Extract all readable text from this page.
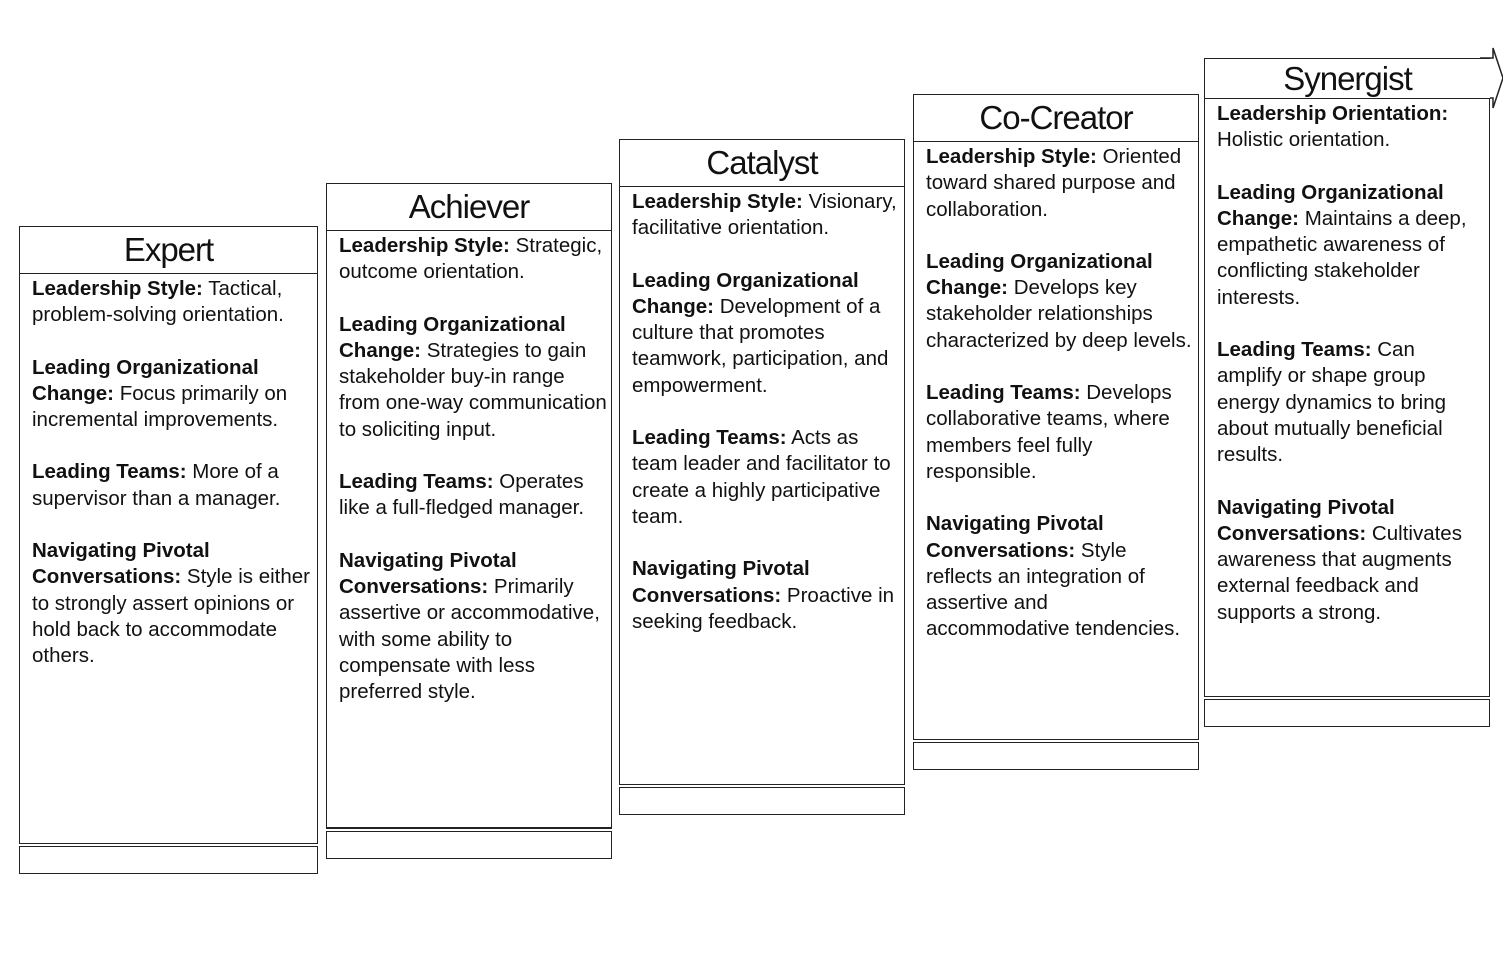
Expert
Leadership Style: Tactical, problem-solving orientation.
Leading Organizational Change: Focus primarily on incremental improvements.
Leading Teams: More of a supervisor than a manager.
Navigating Pivotal Conversations: Style is either to strongly assert opinions or hold back to accommodate others.
Achiever
Leadership Style: Strategic, outcome orientation.
Leading Organizational Change: Strategies to gain stakeholder buy-in range from one-way communication to soliciting input.
Leading Teams: Operates like a full-fledged manager.
Navigating Pivotal Conversations: Primarily assertive or accommodative, with some ability to compensate with less preferred style.
Catalyst
Leadership Style: Visionary, facilitative orientation.
Leading Organizational Change: Development of a culture that promotes teamwork, participation, and empowerment.
Leading Teams: Acts as team leader and facilitator to create a highly participative team.
Navigating Pivotal Conversations: Proactive in seeking feedback.
Co-Creator
Leadership Style: Oriented toward shared purpose and collaboration.
Leading Organizational Change: Develops key stakeholder relationships characterized by deep levels.
Leading Teams: Develops collaborative teams, where members feel fully responsible.
Navigating Pivotal Conversations: Style reflects an integration of assertive and accommodative tendencies.
Synergist
Leadership Orientation: Holistic orientation.
Leading Organizational Change: Maintains a deep, empathetic awareness of conflicting stakeholder interests.
Leading Teams: Can amplify or shape group energy dynamics to bring about mutually beneficial results.
Navigating Pivotal Conversations: Cultivates awareness that augments external feedback and supports a strong.
